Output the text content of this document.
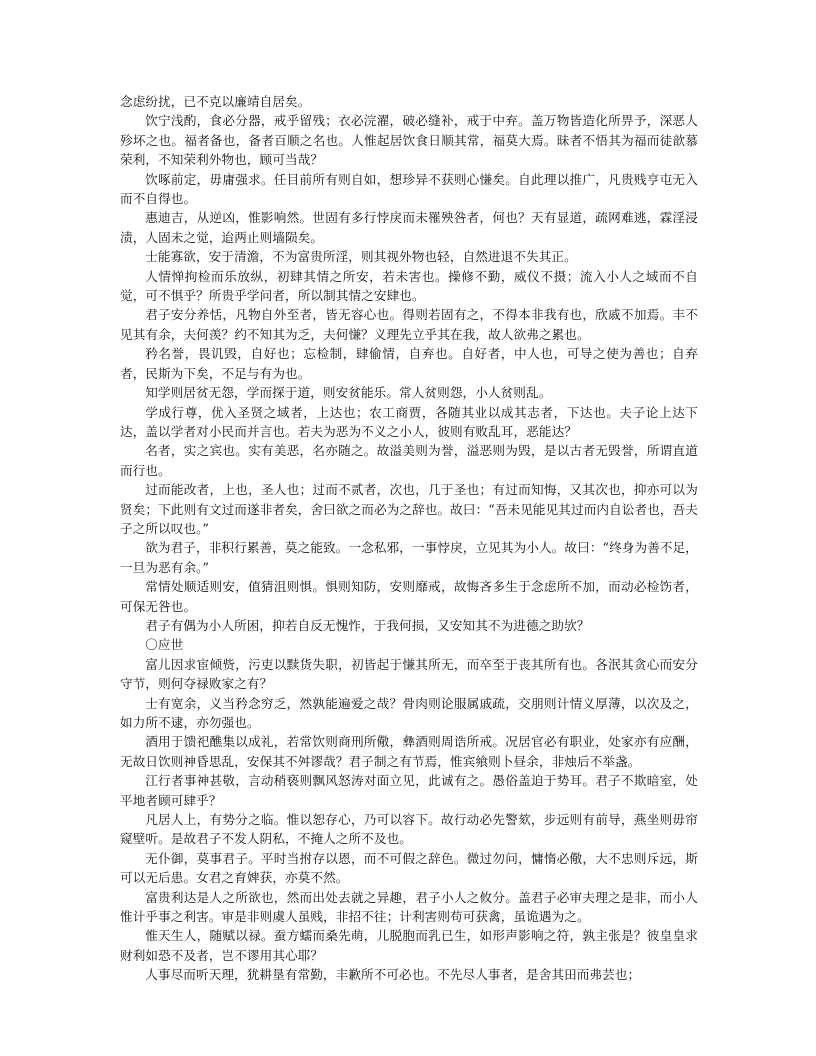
念虑纷扰，已不克以廉靖自居矣。

饮宁浅酌，食必分器，戒乎留残；衣必浣濯，破必缝补，戒于中弃。盖万物皆造化所畀予，深恶人殄坏之也。福者备也，备者百顺之名也。人惟起居饮食日顺其常，福莫大焉。昧者不悟其为福而徒歆慕荣利，不知荣利外物也，顾可当哉？

饮啄前定，毋庸强求。任目前所有则自如，想珍异不获则心慊矣。自此理以推广，凡贵贱亨屯无入而不自得也。

惠迪吉，从逆凶，惟影响然。世固有多行悖戾而未罹殃咎者，何也？天有显道，疏网难逃，霖淫浸渍，人固未之觉，迨两止则墙陨矣。

士能寡欲，安于清澹，不为富贵所淫，则其视外物也轻，自然进退不失其正。

人情惮拘检而乐放纵，初肆其情之所安，若未害也。操修不勤，威仪不摄；流入小人之域而不自觉，可不惧乎？所贵乎学问者，所以制其情之安肆也。

君子安分养恬，凡物自外至者，皆无容心也。得则若固有之，不得本非我有也，欣戚不加焉。丰不见其有余，夫何羡？约不知其为乏，夫何慊？义理先立乎其在我，故人欲弗之累也。

矜名誉，畏讥毁，自好也；忘检制，肆偷情，自弃也。自好者，中人也，可导之使为善也；自弃者，民斯为下矣，不足与有为也。

知学则居贫无怨，学而探于道，则安贫能乐。常人贫则怨，小人贫则乱。

学成行尊，优入圣贤之域者，上达也；农工商贾，各随其业以成其志者，下达也。夫子论上达下达，盖以学者对小民而并言也。若夫为恶为不义之小人，彼则有败乱耳，恶能达？

名者，实之宾也。实有美恶，名亦随之。故溢美则为誉，溢恶则为毁，是以古者无毁誉，所谓直道而行也。

过而能改者，上也，圣人也；过而不贰者，次也，几于圣也；有过而知悔，又其次也，抑亦可以为贤矣；下此则有文过而遂非者矣，舍曰欲之而必为之辞也。故曰：“吾未见能见其过而内自讼者也，吾夫子之所以叹也。”

欲为君子，非积行累善，莫之能致。一念私邪，一事悖戾，立见其为小人。故曰：“终身为善不足，一旦为恶有余。”

常情处顺适则安，值猜沮则惧。惧则知防，安则靡戒，故悔吝多生于念虑所不加，而动必检饬者，可保无咎也。

君子有偶为小人所困，抑若自反无愧怍，于我何损，又安知其不为进德之助欤？

〇应世

富儿因求宦倾赀，污吏以黩货失职，初皆起于慊其所无，而卒至于丧其所有也。各泯其贪心而安分守节，则何夺禄败家之有？

士有宽余，义当矜念穷乏，然孰能遍爱之哉？骨肉则论服属戚疏，交朋则计情义厚薄，以次及之，如力所不逮，亦勿强也。

酒用于馈祀醮集以成礼，若常饮则商刑所儆，彝酒则周诰所戒。况居官必有职业，处家亦有应酬，无故日饮则神昏思乱，安保其不舛谬哉？君子制之有节焉，惟宾飨则卜昼余，非烛后不举盏。

江行者事神甚敬，言动稍亵则飘风怒涛对面立见，此诚有之。愚俗盖迫于势耳。君子不欺暗室，处平地者顾可肆乎？

凡居人上，有势分之临。惟以恕存心，乃可以容下。故行动必先警欬，步远则有前导，燕坐则毋帘窥壁听。是故君子不发人阴私，不掩人之所不及也。

无仆御，莫事君子。平时当拊存以恩，而不可假之辞色。微过勿问，慵惰必儆，大不忠则斥远，斯可以无后患。女君之育婢获，亦莫不然。

富贵利达是人之所欲也，然而出处去就之异趣，君子小人之攸分。盖君子必审夫理之是非，而小人惟计乎事之利害。审是非则虞人虽贱，非招不往；计利害则苟可获禽，虽诡遇为之。

惟天生人，随赋以禄。蚕方蠕而桑先萌，儿脱胞而乳已生，如形声影响之符，孰主张是？彼皇皇求财利如恐不及者，岂不谬用其心耶？

人事尽而听天理，犹耕垦有常勤，丰歉所不可必也。不先尽人事者，是舍其田而弗芸也；
